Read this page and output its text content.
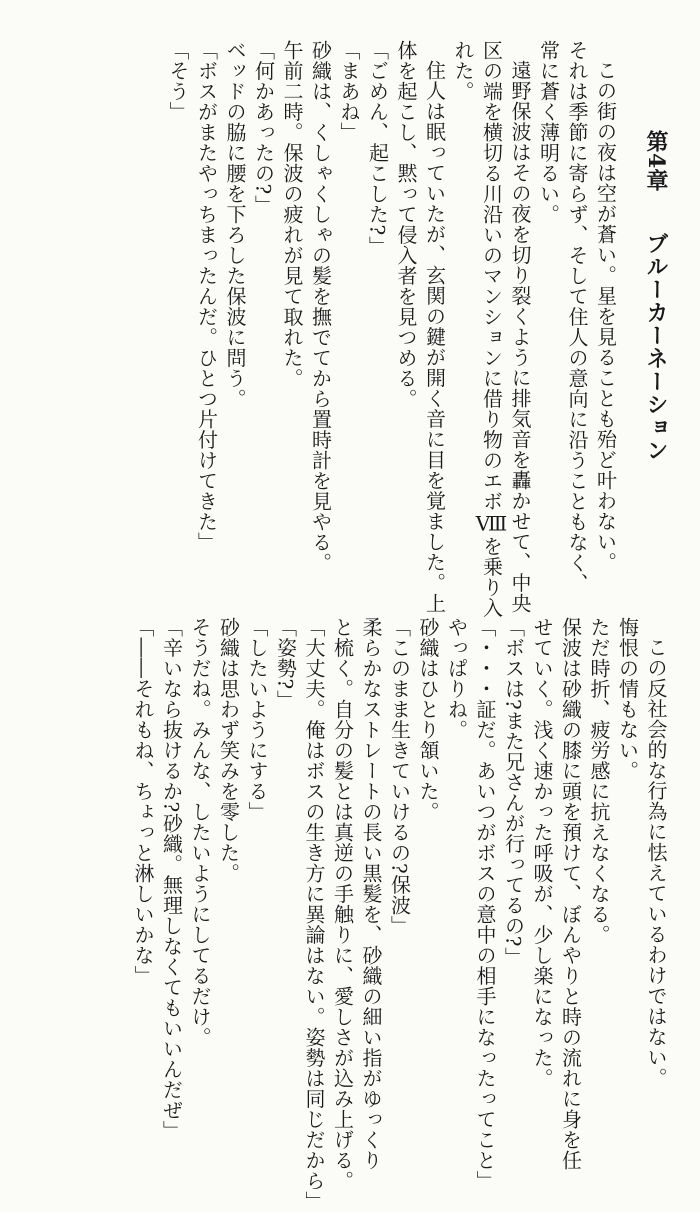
第4章ブルーカーネーション
この街の夜は空が蒼い。星を見ることも殆ど叶わない。
それは季節に寄らず、そして住人の意向に沿うこともなく、
常に蒼く薄明るい。
遠野保波はその夜を切り裂くように排気音を轟かせて、中央
区の端を横切る川沿いのマンションに借り物のエボⅧを乗り入
れた。
住人は眠っていたが、玄関の鍵が開く音に目を覚ました。上
体を起こし、黙って侵入者を見つめる。
「ごめん、起こした?」
「まあね」
砂織は、くしゃくしゃの髪を撫でてから置時計を見やる。
午前二時。保波の疲れが見て取れた。
「何かあったの?」
ベッドの脇に腰を下ろした保波に問う。
「ボスがまたやっちまったんだ。ひとつ片付けてきた」
「そう」
この反社会的な行為に怯えているわけではない。
悔恨の情もない。
ただ時折、疲労感に抗えなくなる。
保波は砂織の膝に頭を預けて、ぼんやりと時の流れに身を任
せていく。浅く速かった呼吸が、少し楽になった。
「ボスは?また兄さんが行ってるの?」
「・・・証だ。あいつがボスの意中の相手になったってこと」
やっぱりね。
砂織はひとり頷いた。
「このまま生きていけるの?保波」
柔らかなストレートの長い黒髪を、砂織の細い指がゆっくり
と梳く。自分の髪とは真逆の手触りに、愛しさが込み上げる。
「大丈夫。俺はボスの生き方に異論はない。姿勢は同じだから」
「姿勢?」
「したいようにする」
砂織は思わず笑みを零した。
そうだね。みんな、したいようにしてるだけ。
「辛いなら抜けるか?砂織。無理しなくてもいいんだぜ」
「――それもね、ちょっと淋しいかな」
